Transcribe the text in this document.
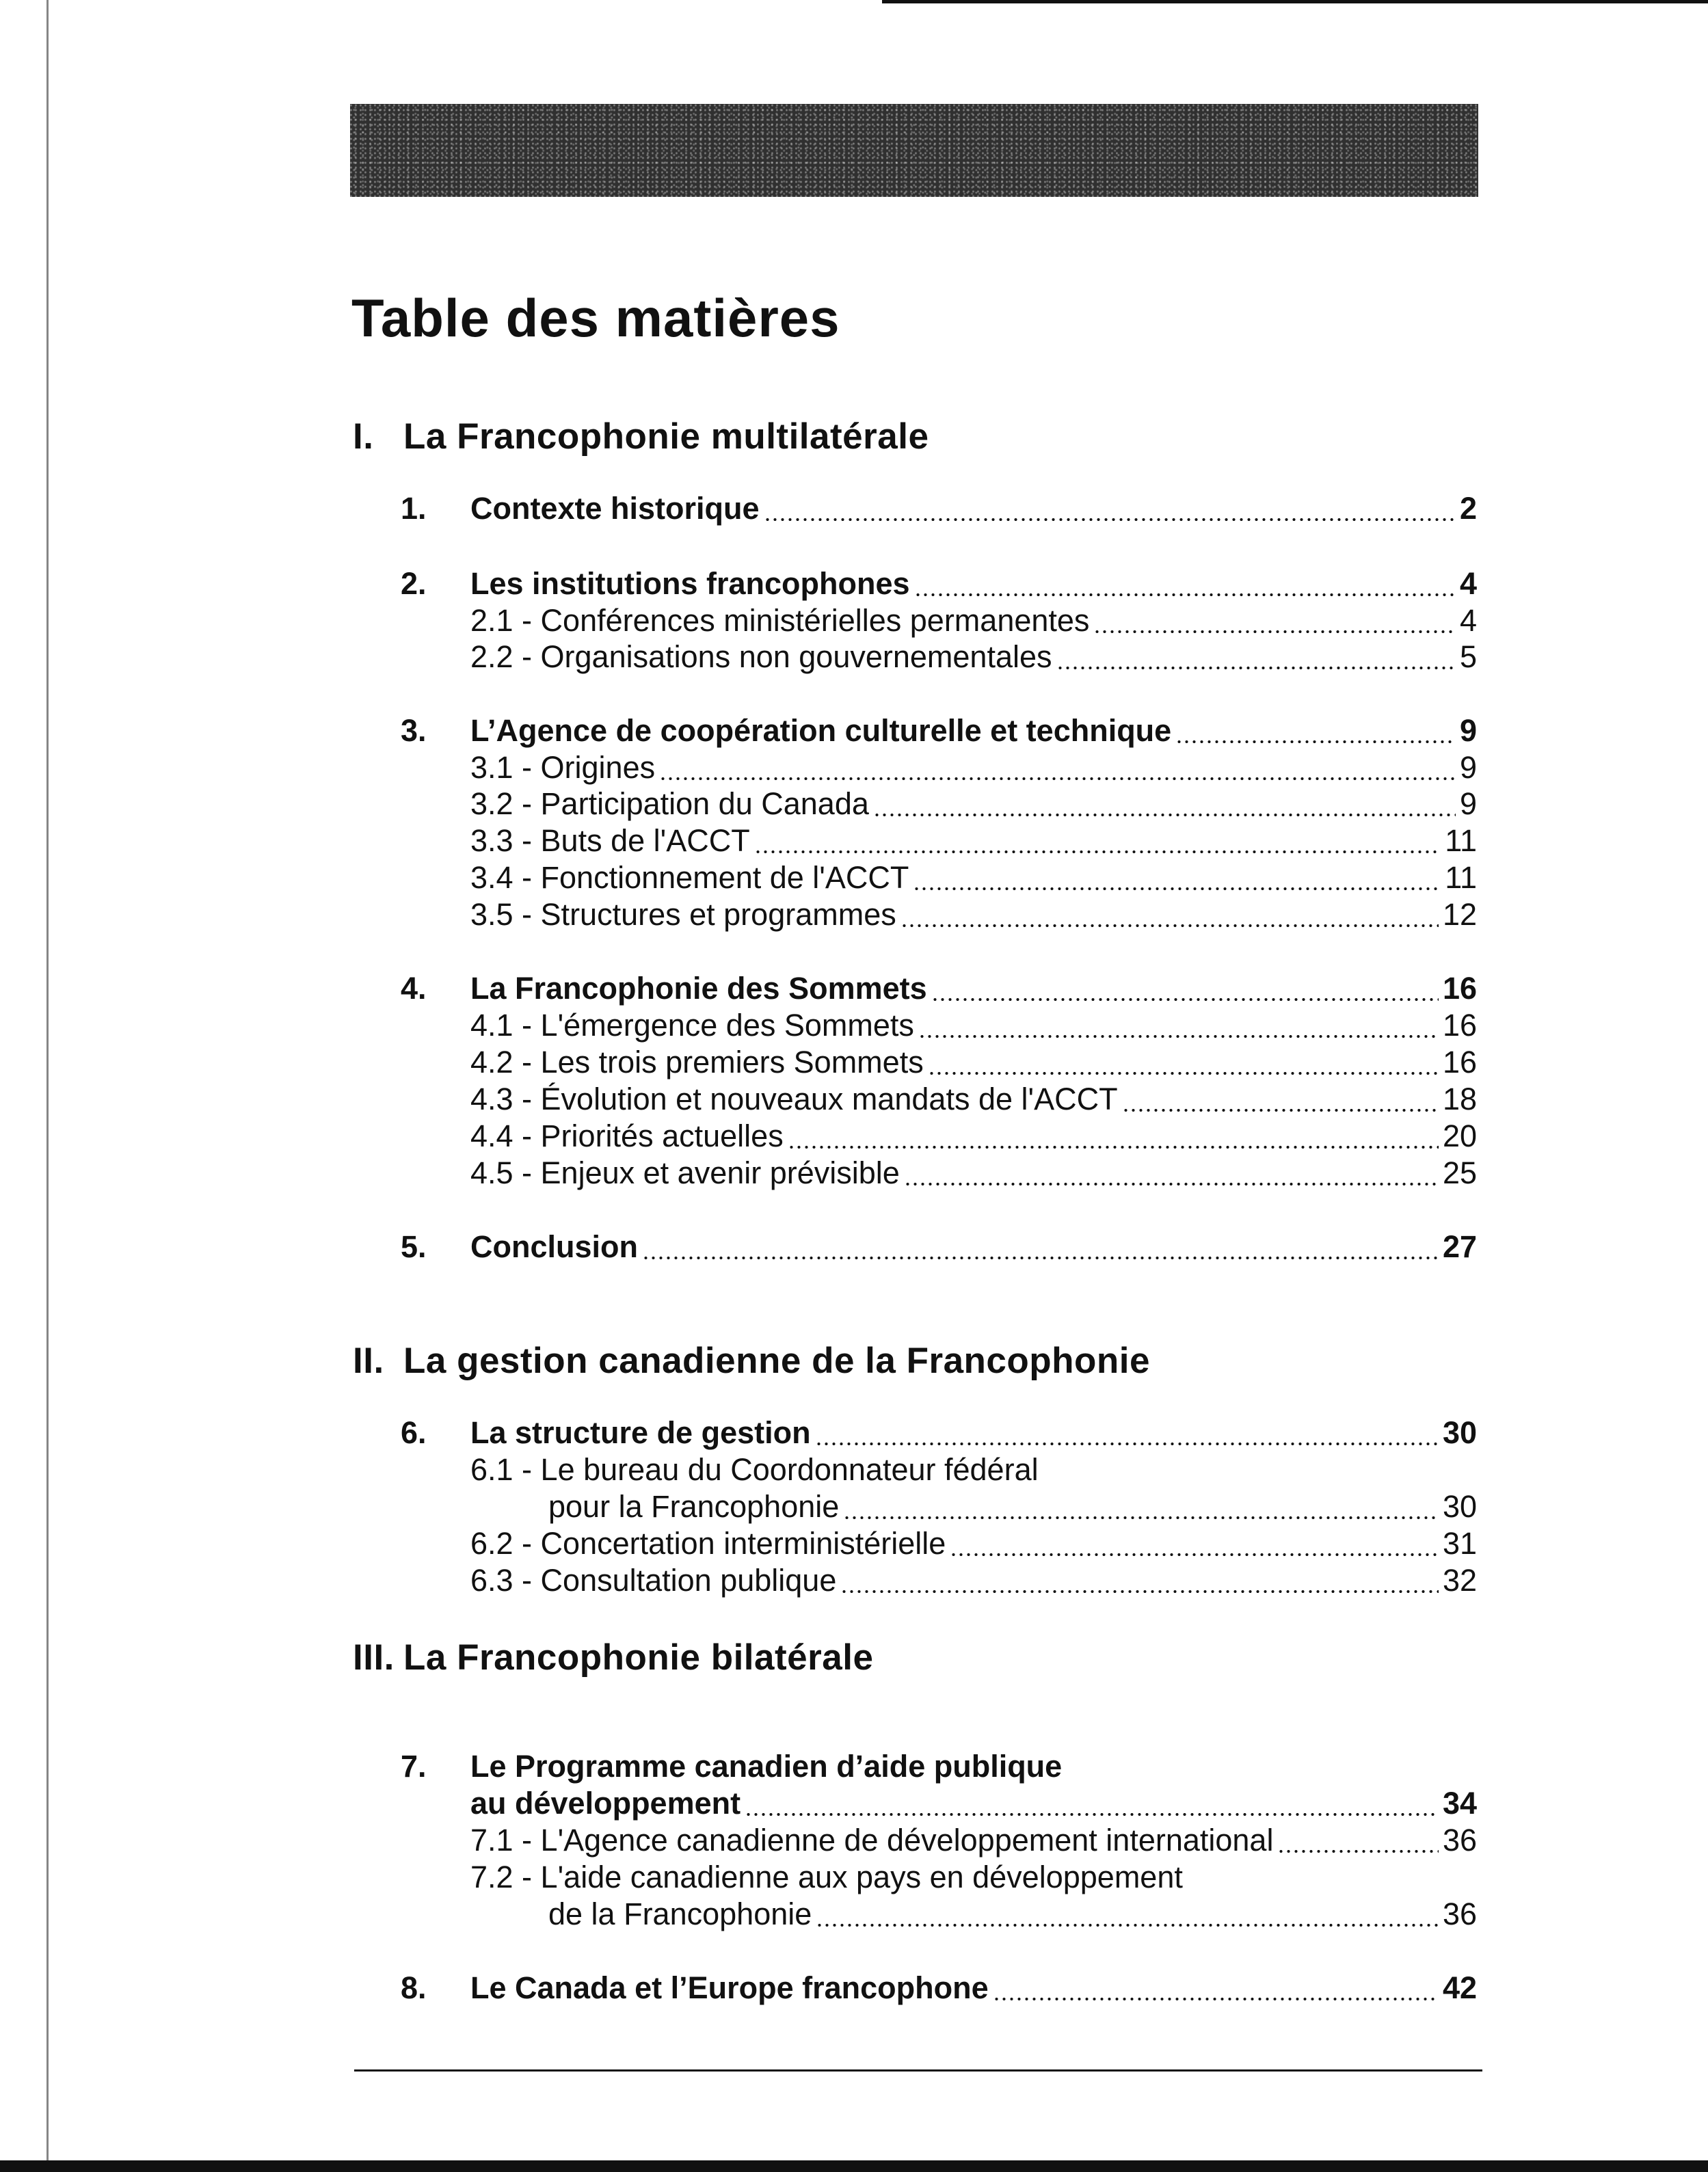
Table des matières
I. La Francophonie multilatérale
1.	Contexte historique	2
2.	Les institutions francophones	4
2.1 - Conférences ministérielles permanentes	4
2.2 - Organisations non gouvernementales	5
3.	L’Agence de coopération culturelle et technique	9
3.1 - Origines	9
3.2 - Participation du Canada	9
3.3 - Buts de l'ACCT	11
3.4 - Fonctionnement de l'ACCT	11
3.5 - Structures et programmes	12
4.	La Francophonie des Sommets	16
4.1 - L'émergence des Sommets	16
4.2 - Les trois premiers Sommets	16
4.3 - Évolution et nouveaux mandats de l'ACCT	18
4.4 - Priorités actuelles	20
4.5 - Enjeux et avenir prévisible	25
5.	Conclusion	27
II. La gestion canadienne de la Francophonie
6.	La structure de gestion	30
6.1 - Le bureau du Coordonnateur fédéral
pour la Francophonie	30
6.2 - Concertation interministérielle	31
6.3 - Consultation publique	32
III. La Francophonie bilatérale
7.	Le Programme canadien d’aide publique
au développement	34
7.1 - L'Agence canadienne de développement international	36
7.2 - L'aide canadienne aux pays en développement
de la Francophonie	36
8.	Le Canada et l’Europe francophone	42
